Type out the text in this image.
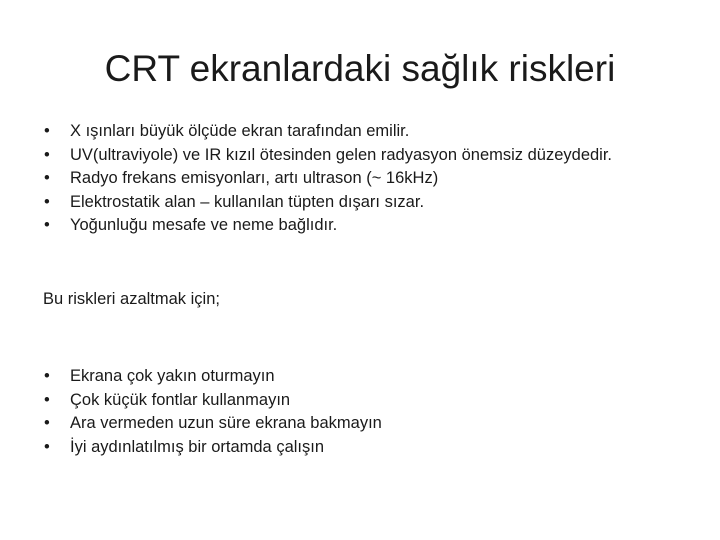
CRT ekranlardaki sağlık riskleri
• X ışınları büyük ölçüde ekran tarafından emilir.
• UV(ultraviyole) ve IR kızıl ötesinden gelen radyasyon önemsiz düzeydedir.
• Radyo frekans emisyonları, artı ultrason (~ 16kHz)
• Elektrostatik alan – kullanılan tüpten dışarı sızar.
• Yoğunluğu mesafe ve neme bağlıdır.
Bu riskleri azaltmak için;
• Ekrana çok yakın oturmayın
• Çok küçük fontlar kullanmayın
• Ara vermeden uzun süre ekrana bakmayın
• İyi aydınlatılmış bir ortamda çalışın
